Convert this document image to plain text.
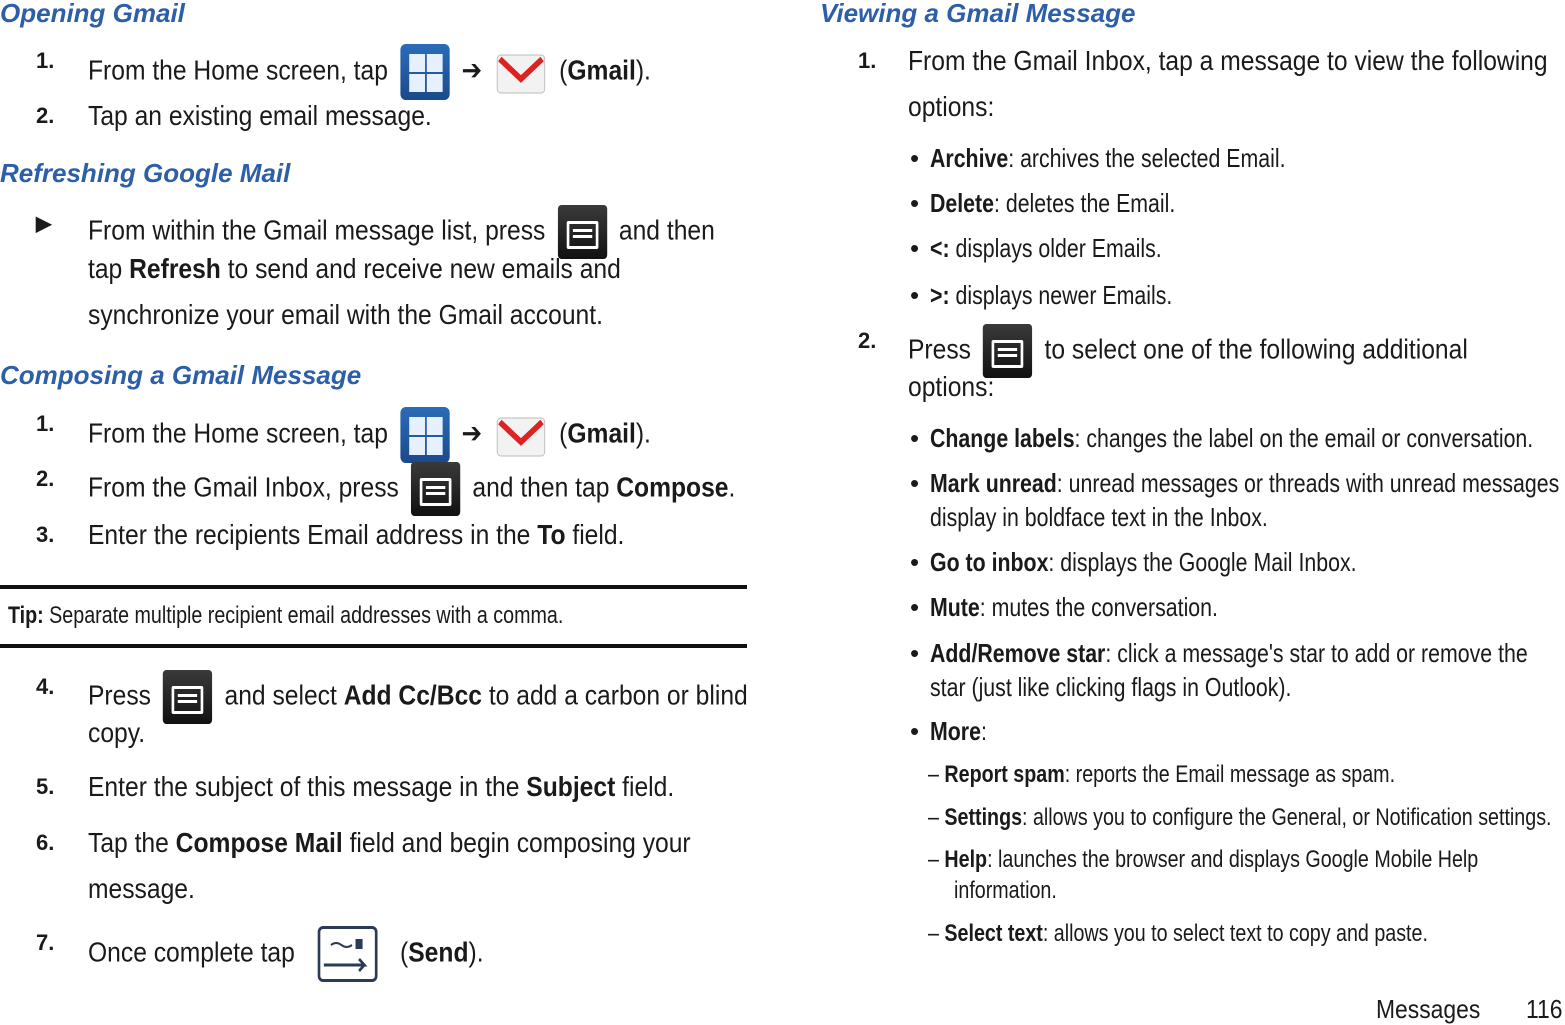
Opening Gmail
1. From the Home screen, tap	➔	(Gmail).
2. Tap an existing email message.
Refreshing Google Mail
▶ From within the Gmail message list, press	and then
tap Refresh to send and receive new emails and
synchronize your email with the Gmail account.
Composing a Gmail Message
1. From the Home screen, tap	➔	(Gmail).
2. From the Gmail Inbox, press	and then tap Compose.
3. Enter the recipients Email address in the To field.
Tip: Separate multiple recipient email addresses with a comma.
4. Press	and select Add Cc/Bcc to add a carbon or blind
copy.
5. Enter the subject of this message in the Subject field.
6. Tap the Compose Mail field and begin composing your
message.
7. Once complete tap	(Send).
Viewing a Gmail Message
1. From the Gmail Inbox, tap a message to view the following
options:
• Archive: archives the selected Email.
• Delete: deletes the Email.
• <: displays older Emails.
• >: displays newer Emails.
2. Press	to select one of the following additional
options:
• Change labels: changes the label on the email or conversation.
• Mark unread: unread messages or threads with unread messages
display in boldface text in the Inbox.
• Go to inbox: displays the Google Mail Inbox.
• Mute: mutes the conversation.
• Add/Remove star: click a message's star to add or remove the
star (just like clicking flags in Outlook).
• More:
– Report spam: reports the Email message as spam.
– Settings: allows you to configure the General, or Notification settings.
– Help: launches the browser and displays Google Mobile Help
information.
– Select text: allows you to select text to copy and paste.
Messages 116
